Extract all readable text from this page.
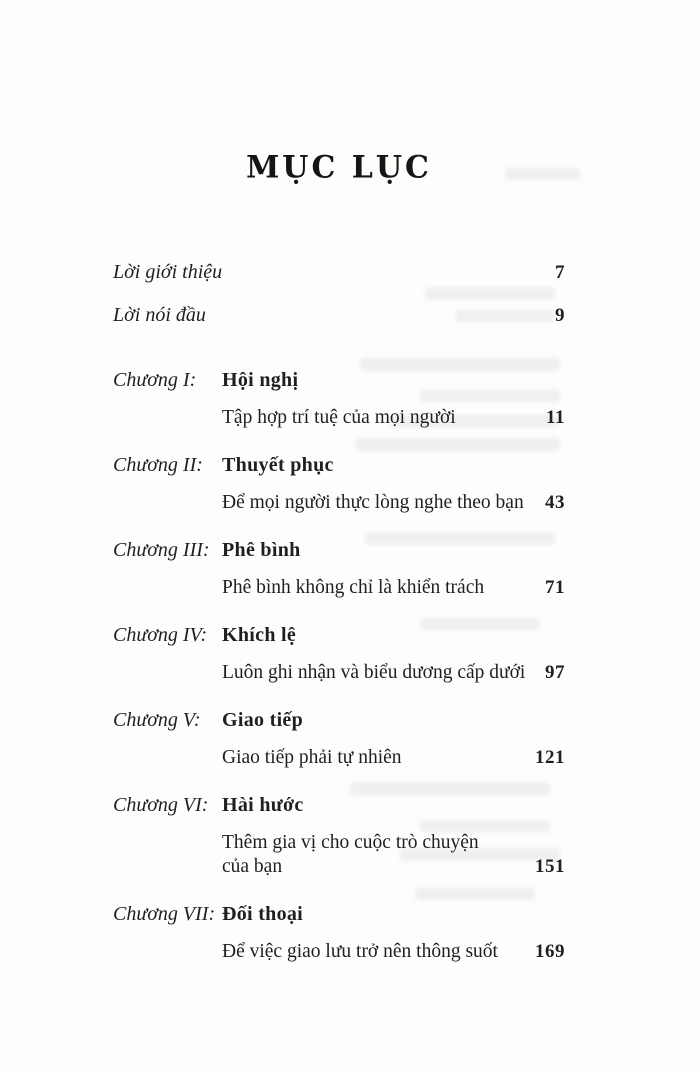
MỤC LỤC
Lời giới thiệu	7
Lời nói đầu	9
Chương I:	Hội nghị
Tập hợp trí tuệ của mọi người	11
Chương II: Thuyết phục
Để mọi người thực lòng nghe theo bạn	43
Chương III: Phê bình
Phê bình không chỉ là khiển trách	71
Chương IV: Khích lệ
Luôn ghi nhận và biểu dương cấp dưới	97
Chương V:	Giao tiếp
Giao tiếp phải tự nhiên	121
Chương VI: Hài hước
Thêm gia vị cho cuộc trò chuyện
của bạn	151
Chương VII: Đối thoại
Để việc giao lưu trở nên thông suốt	169
